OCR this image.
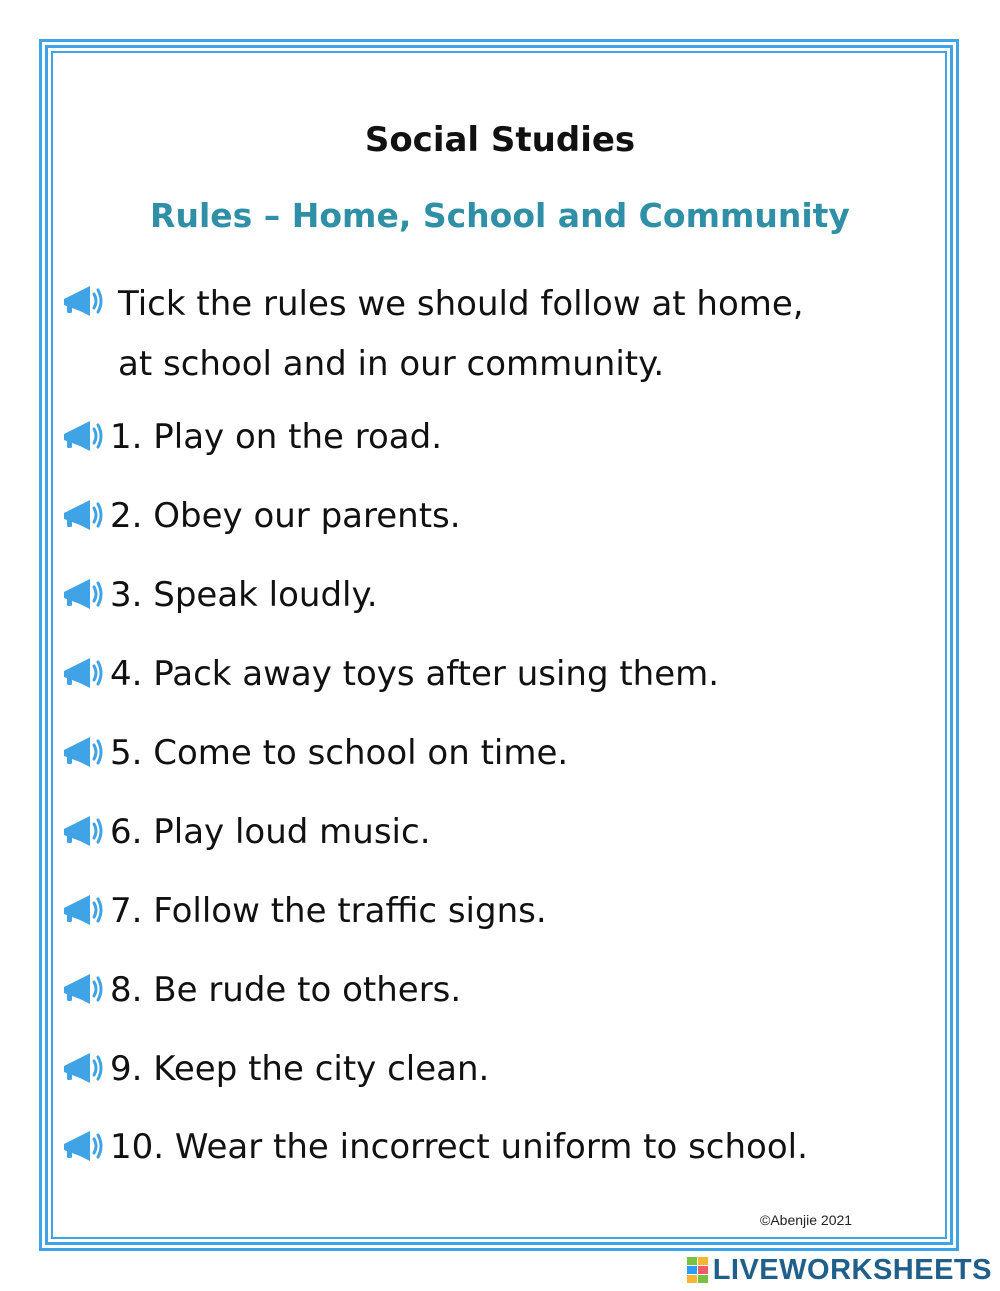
Social Studies
Rules – Home, School and Community
Tick the rules we should follow at home,
at school and in our community.
1. Play on the road.
2. Obey our parents.
3. Speak loudly.
4. Pack away toys after using them.
5. Come to school on time.
6. Play loud music.
7. Follow the traffic signs.
8. Be rude to others.
9. Keep the city clean.
10. Wear the incorrect uniform to school.
©Abenjie 2021
LIVEWORKSHEETS
